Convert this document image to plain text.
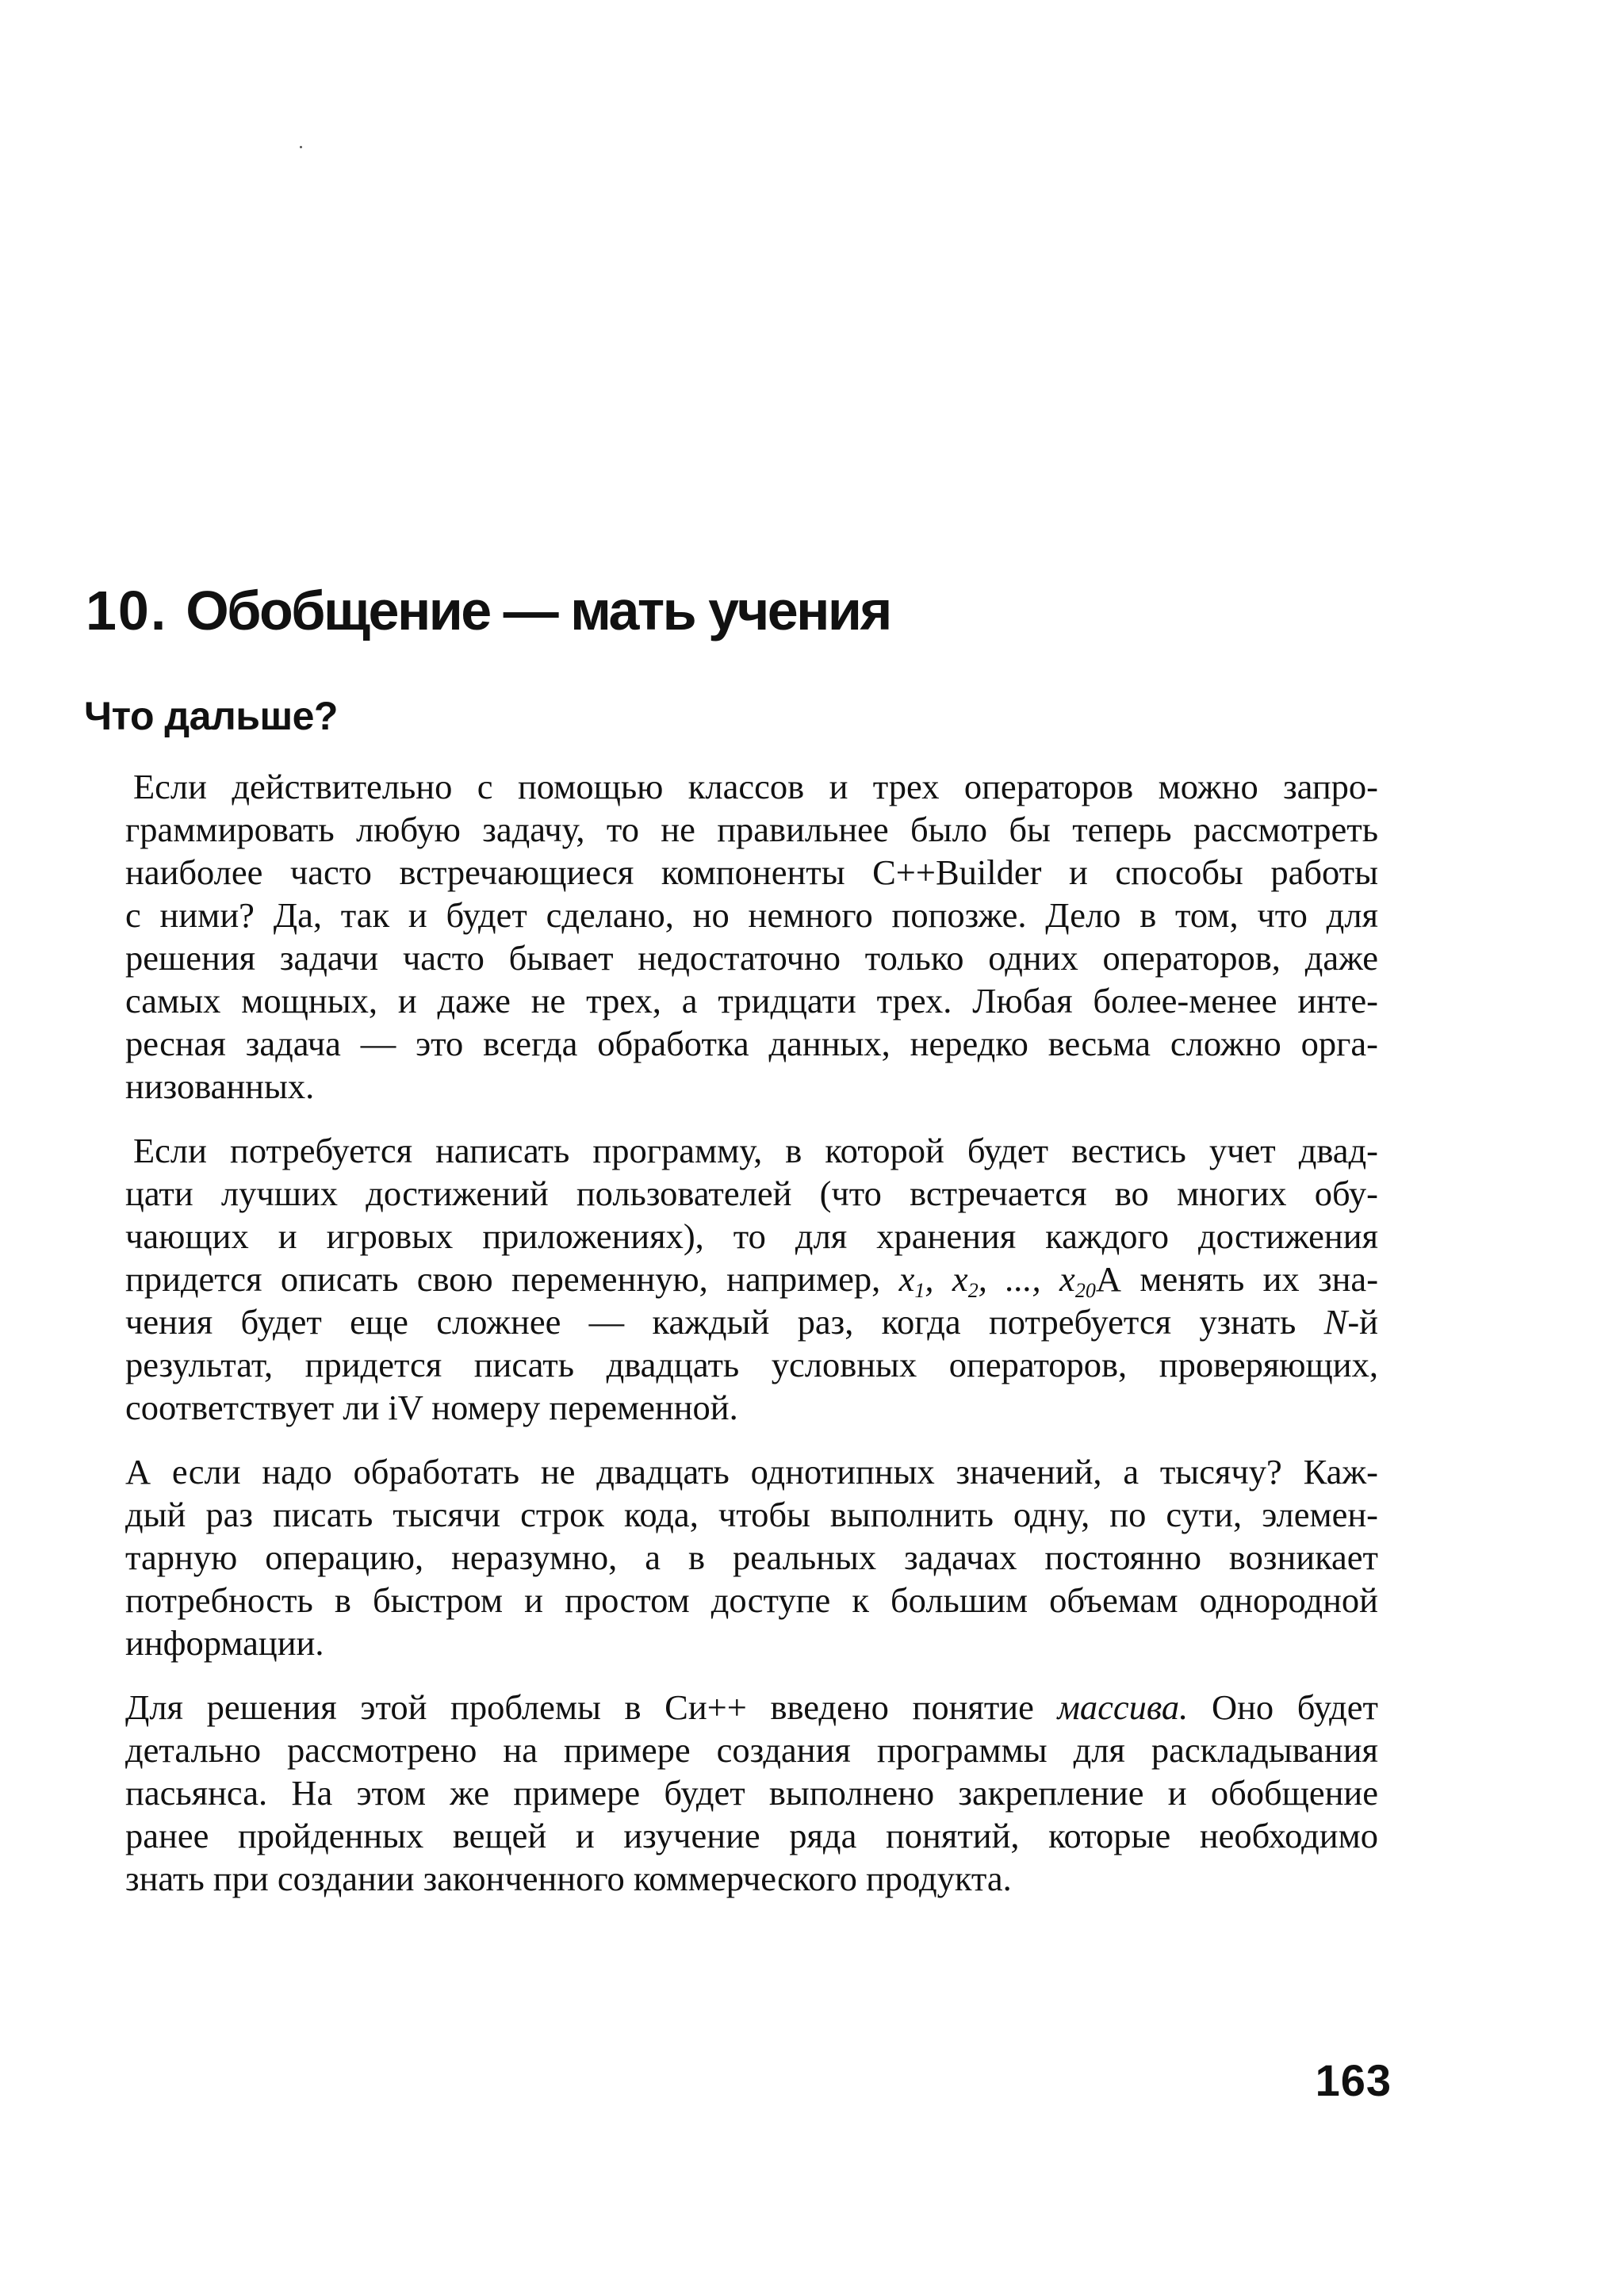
10. Обобщение — мать учения
Что дальше?

Если действительно с помощью классов и трех операторов можно запро-
граммировать любую задачу, то не правильнее было бы теперь рассмотреть
наиболее часто встречающиеся компоненты C++Builder и способы работы
с ними? Да, так и будет сделано, но немного попозже. Дело в том, что для
решения задачи часто бывает недостаточно только одних операторов, даже
самых мощных, и даже не трех, а тридцати трех. Любая более-менее инте-
ресная задача — это всегда обработка данных, нередко весьма сложно орга-
низованных.

Если потребуется написать программу, в которой будет вестись учет двад-
цати лучших достижений пользователей (что встречается во многих обу-
чающих и игровых приложениях), то для хранения каждого достижения
придется описать свою переменную, например, $x_1$, $x_2$, ..., $x_{20}А$ менять их зна-
чения будет еще сложнее — каждый раз, когда потребуется узнать N-й
результат, придется писать двадцать условных операторов, проверяющих,
соответствует ли iV номеру переменной.

А если надо обработать не двадцать однотипных значений, а тысячу? Каж-
дый раз писать тысячи строк кода, чтобы выполнить одну, по сути, элемен-
тарную операцию, неразумно, а в реальных задачах постоянно возникает
потребность в быстром и простом доступе к большим объемам однородной
информации.

Для решения этой проблемы в Си++ введено понятие массива. Оно будет
детально рассмотрено на примере создания программы для раскладывания
пасьянса. На этом же примере будет выполнено закрепление и обобщение
ранее пройденных вещей и изучение ряда понятий, которые необходимо
знать при создании законченного коммерческого продукта.

163
